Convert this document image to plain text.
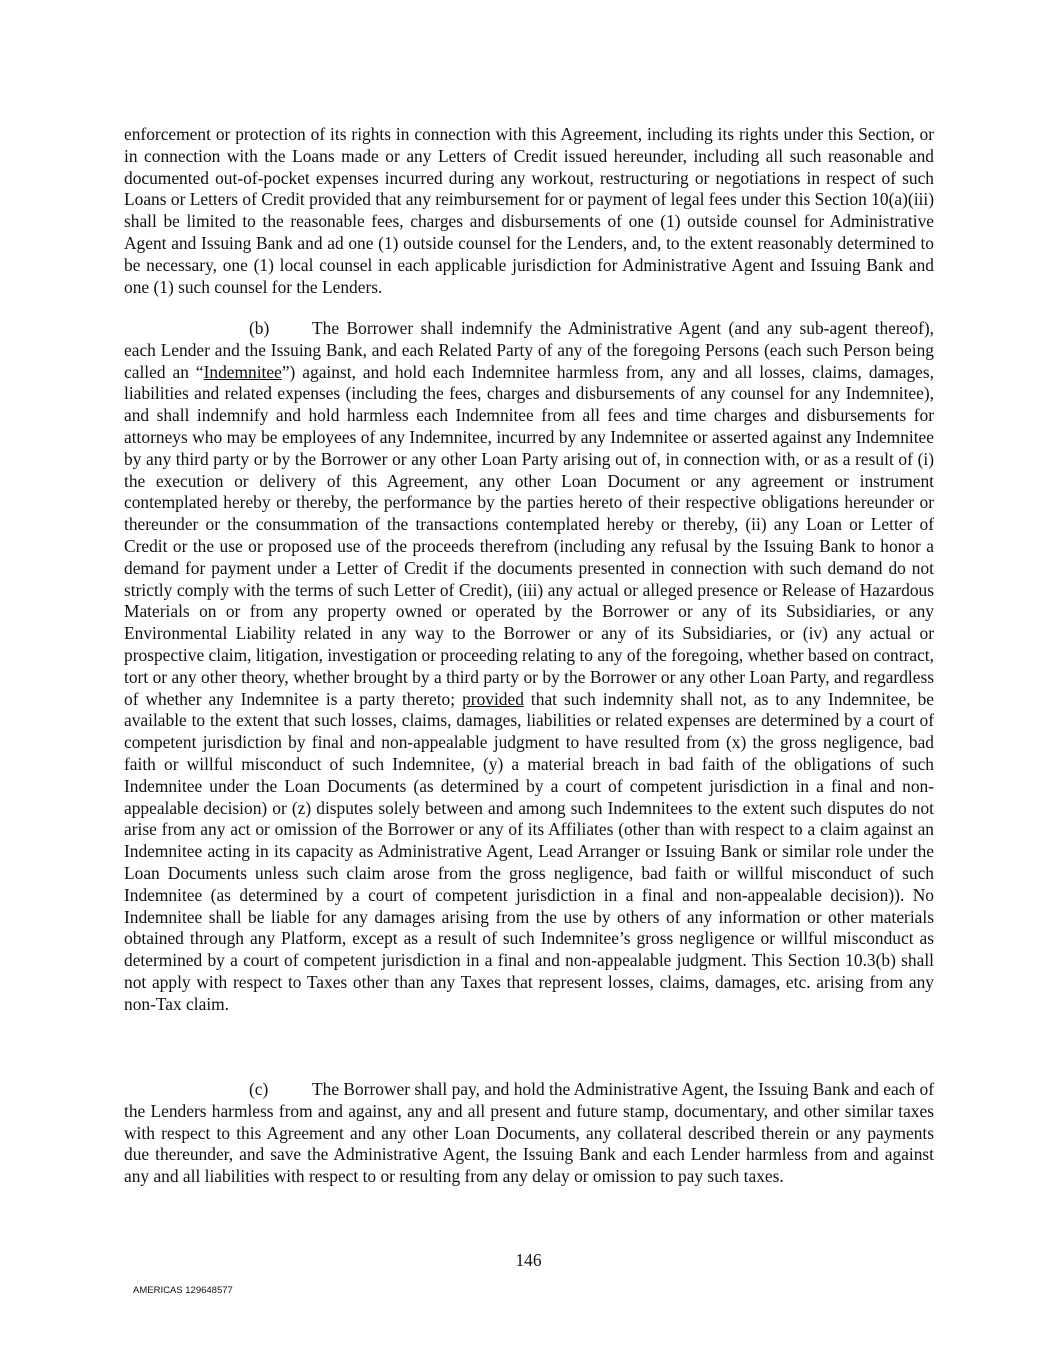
enforcement or protection of its rights in connection with this Agreement, including its rights under this Section, or in connection with the Loans made or any Letters of Credit issued hereunder, including all such reasonable and documented out-of-pocket expenses incurred during any workout, restructuring or negotiations in respect of such Loans or Letters of Credit provided that any reimbursement for or payment of legal fees under this Section 10(a)(iii) shall be limited to the reasonable fees, charges and disbursements of one (1) outside counsel for Administrative Agent and Issuing Bank and ad one (1) outside counsel for the Lenders, and, to the extent reasonably determined to be necessary, one (1) local counsel in each applicable jurisdiction for Administrative Agent and Issuing Bank and one (1) such counsel for the Lenders.

(b) The Borrower shall indemnify the Administrative Agent (and any sub-agent thereof), each Lender and the Issuing Bank, and each Related Party of any of the foregoing Persons (each such Person being called an “Indemnitee”) against, and hold each Indemnitee harmless from, any and all losses, claims, damages, liabilities and related expenses (including the fees, charges and disbursements of any counsel for any Indemnitee), and shall indemnify and hold harmless each Indemnitee from all fees and time charges and disbursements for attorneys who may be employees of any Indemnitee, incurred by any Indemnitee or asserted against any Indemnitee by any third party or by the Borrower or any other Loan Party arising out of, in connection with, or as a result of (i) the execution or delivery of this Agreement, any other Loan Document or any agreement or instrument contemplated hereby or thereby, the performance by the parties hereto of their respective obligations hereunder or thereunder or the consummation of the transactions contemplated hereby or thereby, (ii) any Loan or Letter of Credit or the use or proposed use of the proceeds therefrom (including any refusal by the Issuing Bank to honor a demand for payment under a Letter of Credit if the documents presented in connection with such demand do not strictly comply with the terms of such Letter of Credit), (iii) any actual or alleged presence or Release of Hazardous Materials on or from any property owned or operated by the Borrower or any of its Subsidiaries, or any Environmental Liability related in any way to the Borrower or any of its Subsidiaries, or (iv) any actual or prospective claim, litigation, investigation or proceeding relating to any of the foregoing, whether based on contract, tort or any other theory, whether brought by a third party or by the Borrower or any other Loan Party, and regardless of whether any Indemnitee is a party thereto; provided that such indemnity shall not, as to any Indemnitee, be available to the extent that such losses, claims, damages, liabilities or related expenses are determined by a court of competent jurisdiction by final and non-appealable judgment to have resulted from (x) the gross negligence, bad faith or willful misconduct of such Indemnitee, (y) a material breach in bad faith of the obligations of such Indemnitee under the Loan Documents (as determined by a court of competent jurisdiction in a final and non-appealable decision) or (z) disputes solely between and among such Indemnitees to the extent such disputes do not arise from any act or omission of the Borrower or any of its Affiliates (other than with respect to a claim against an Indemnitee acting in its capacity as Administrative Agent, Lead Arranger or Issuing Bank or similar role under the Loan Documents unless such claim arose from the gross negligence, bad faith or willful misconduct of such Indemnitee (as determined by a court of competent jurisdiction in a final and non-appealable decision)). No Indemnitee shall be liable for any damages arising from the use by others of any information or other materials obtained through any Platform, except as a result of such Indemnitee’s gross negligence or willful misconduct as determined by a court of competent jurisdiction in a final and non-appealable judgment. This Section 10.3(b) shall not apply with respect to Taxes other than any Taxes that represent losses, claims, damages, etc. arising from any non-Tax claim.

(c)	The Borrower shall pay, and hold the Administrative Agent, the Issuing Bank and each of the Lenders harmless from and against, any and all present and future stamp, documentary, and other similar taxes with respect to this Agreement and any other Loan Documents, any collateral described therein or any payments due thereunder, and save the Administrative Agent, the Issuing Bank and each Lender harmless from and against any and all liabilities with respect to or resulting from any delay or omission to pay such taxes.

146

AMERICAS 129648577
